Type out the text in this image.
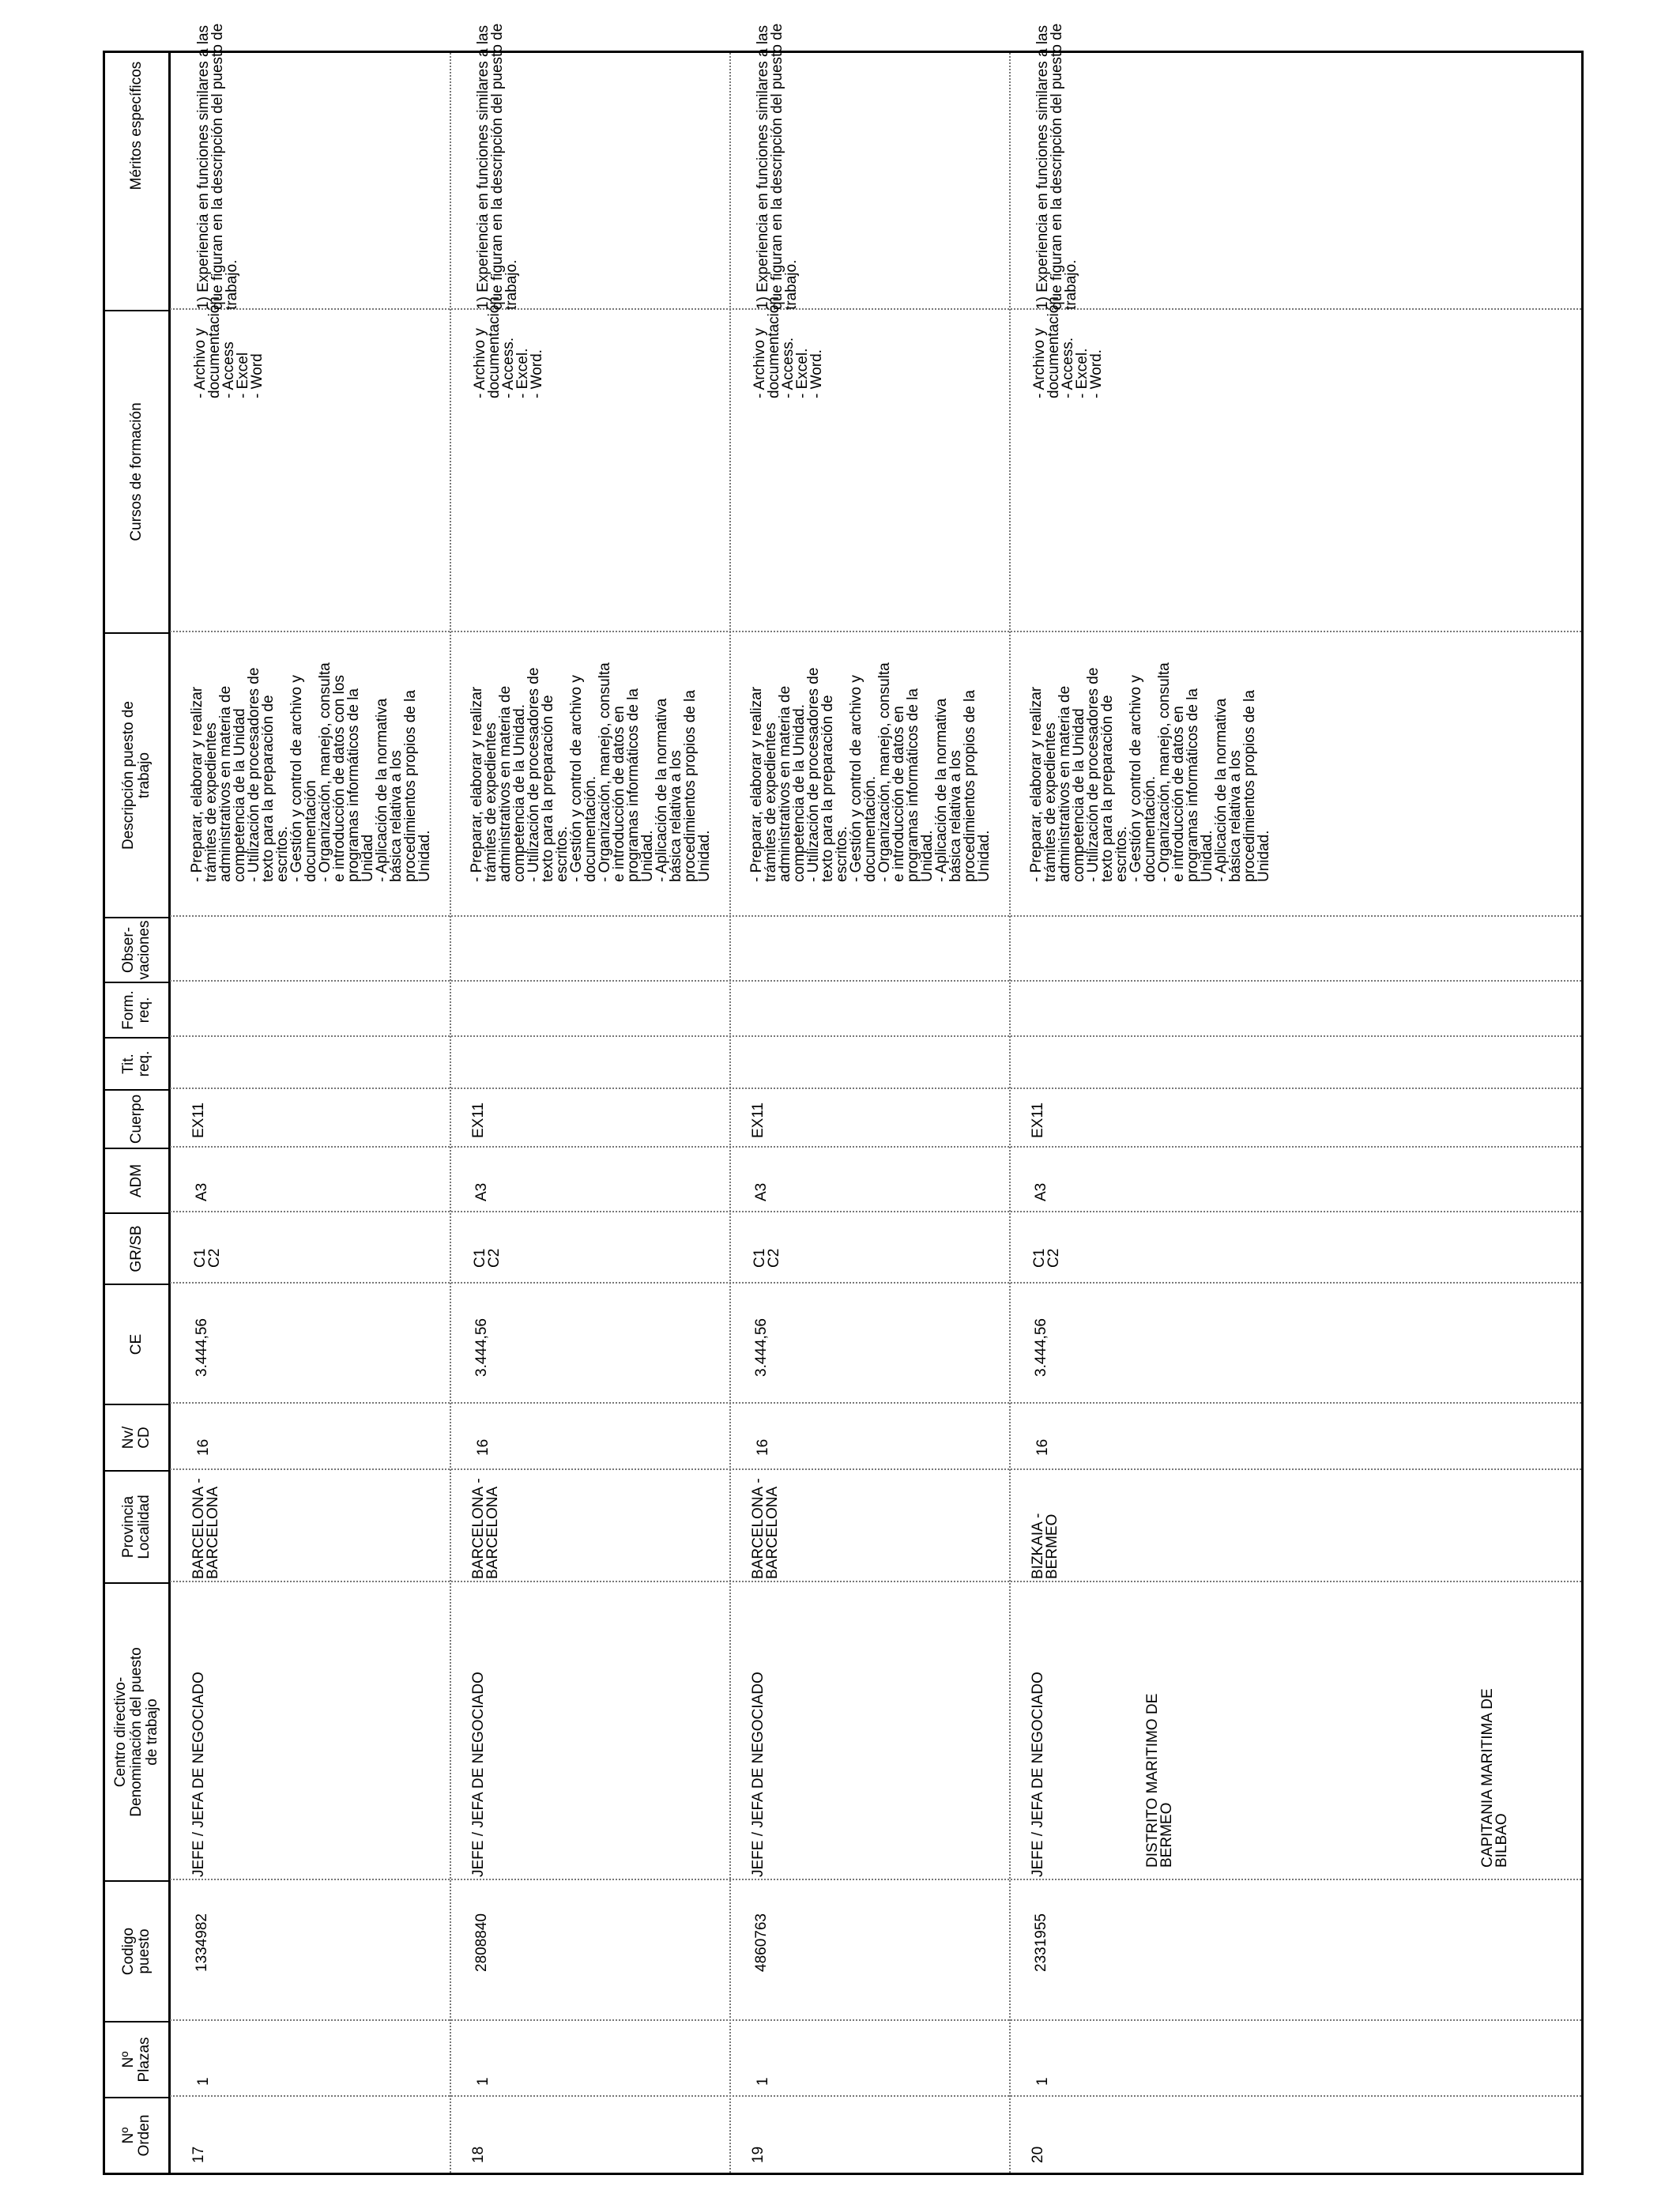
DISTRITO MARITIMO DE
BERMEO	CAPITANIA MARITIMA DE
BILBAO
Nº
Orden
Nº
Plazas
Codigo
puesto
Centro directivo-
Denominación del puesto
de trabajo
Provincia
Localidad
Nv/
CD
CE
GR/SB
ADM
Cuerpo
Tit.
req.
Form.
req.
Obser-
vaciones
Descripción puesto de
trabajo
Cursos de formación
Méritos específicos
17
1
1334982
JEFE / JEFA DE NEGOCIADO
BARCELONA -
BARCELONA
16
3.444,56
C1
C2
A3
EX11
- Preparar, elaborar y realizar
trámites de expedientes
administrativos en materia de
competencia de la Unidad
- Utilización de procesadores de
texto para la preparación de
escritos.
- Gestión y control de archivo y
documentación
- Organización, manejo, consulta
e introducción de datos con los
programas informáticos de la
Unidad
- Aplicación de la normativa
básica relativa a los
procedimientos propios de la
Unidad.
- Archivo y documentación
- Access
- Excel
- Word
1) Experiencia en funciones similares a las
que figuran en la descripción del puesto de
trabajo.
18
1
2808840
JEFE / JEFA DE NEGOCIADO
BARCELONA -
BARCELONA
16
3.444,56
C1
C2
A3
EX11
- Preparar, elaborar y realizar
trámites de expedientes
administrativos en materia de
competencia de la Unidad.
- Utilización de procesadores de
texto para la preparación de
escritos.
- Gestión y control de archivo y
documentación.
- Organización, manejo, consulta
e introducción de datos en
programas informáticos de la
Unidad.
- Aplicación de la normativa
básica relativa a los
procedimientos propios de la
Unidad.
- Archivo y documentación
- Access.
- Excel.
- Word.
1) Experiencia en funciones similares a las
que figuran en la descripción del puesto de
trabajo.
19
1
4860763
JEFE / JEFA DE NEGOCIADO
BARCELONA -
BARCELONA
16
3.444,56
C1
C2
A3
EX11
- Preparar, elaborar y realizar
trámites de expedientes
administrativos en materia de
competencia de la Unidad.
- Utilización de procesadores de
texto para la preparación de
escritos.
- Gestión y control de archivo y
documentación.
- Organización, manejo, consulta
e introducción de datos en
programas informáticos de la
Unidad.
- Aplicación de la normativa
básica relativa a los
procedimientos propios de la
Unidad.
- Archivo y documentación
- Access.
- Excel.
- Word.
1) Experiencia en funciones similares a las
que figuran en la descripción del puesto de
trabajo.
20
1
2331955
JEFE / JEFA DE NEGOCIADO
BIZKAIA -
BERMEO
16
3.444,56
C1
C2
A3
EX11
- Preparar, elaborar y realizar
trámites de expedientes
administrativos en materia de
competencia de la Unidad
- Utilización de procesadores de
texto para la preparación de
escritos.
- Gestión y control de archivo y
documentación.
- Organización, manejo, consulta
e introducción de datos en
programas informáticos de la
Unidad.
- Aplicación de la normativa
básica relativa a los
procedimientos propios de la
Unidad.
- Archivo y documentación
- Access.
- Excel.
- Word.
1) Experiencia en funciones similares a las
que figuran en la descripción del puesto de
trabajo.
